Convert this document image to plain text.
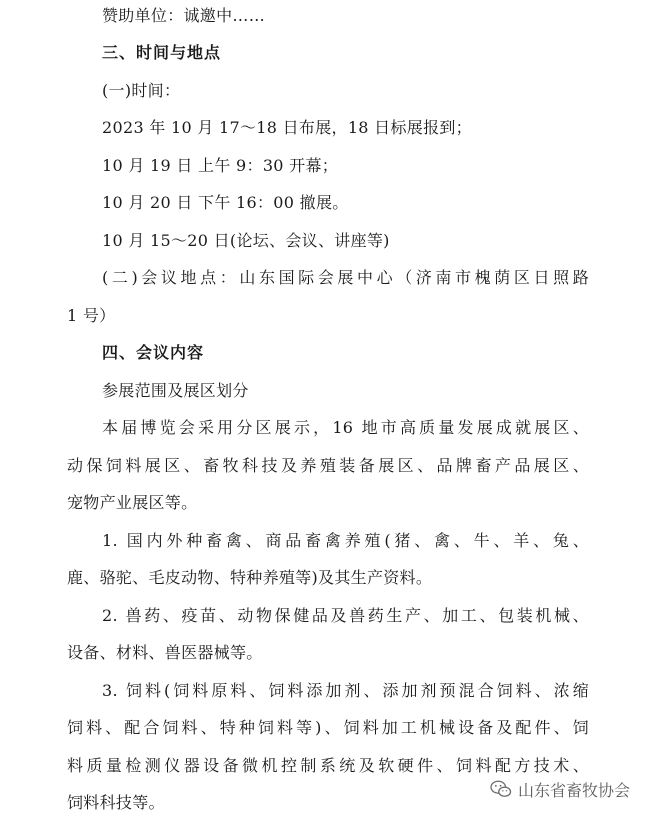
赞助单位：诚邀中……
三、时间与地点
(一)时间：
2023 年 10 月 17～18 日布展，18 日标展报到；
10 月 19 日 上午 9：30 开幕；
10 月 20 日 下午 16：00 撤展。
10 月 15～20 日(论坛、会议、讲座等)
(二)会议地点：山东国际会展中心（济南市槐荫区日照路
1 号）
四、会议内容
参展范围及展区划分
本届博览会采用分区展示，16 地市高质量发展成就展区、
动保饲料展区、畜牧科技及养殖装备展区、品牌畜产品展区、
宠物产业展区等。
1. 国内外种畜禽、商品畜禽养殖(猪、禽、牛、羊、兔、
鹿、骆驼、毛皮动物、特种养殖等)及其生产资料。
2. 兽药、疫苗、动物保健品及兽药生产、加工、包装机械、
设备、材料、兽医器械等。
3. 饲料(饲料原料、饲料添加剂、添加剂预混合饲料、浓缩
饲料、配合饲料、特种饲料等)、饲料加工机械设备及配件、饲
料质量检测仪器设备微机控制系统及软硬件、饲料配方技术、
饲料科技等。
山东省畜牧协会
